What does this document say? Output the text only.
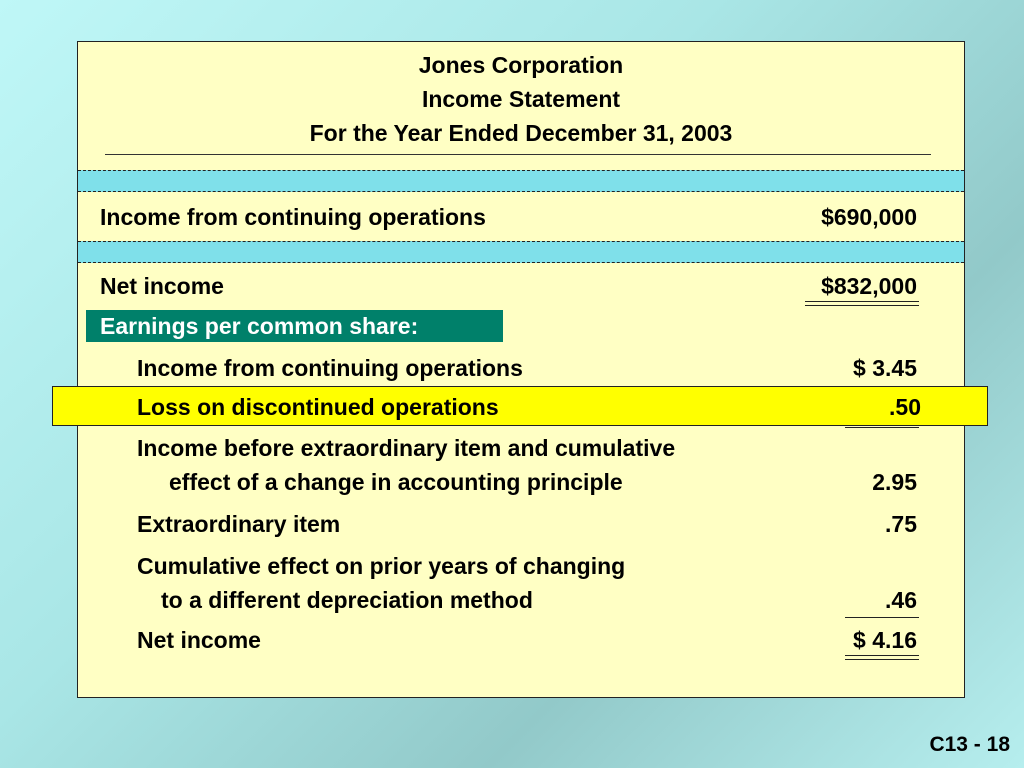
Jones Corporation
Income Statement
For the Year Ended December 31, 2003
Income from continuing operations	$690,000
Net income	$832,000
Earnings per common share:
Income from continuing operations	$ 3.45
Loss on discontinued operations	.50
Income before extraordinary item and cumulative
effect of a change in accounting principle	2.95
Extraordinary item	.75
Cumulative effect on prior years of changing
to a different depreciation method	.46
Net income	$ 4.16
C13 - 18
